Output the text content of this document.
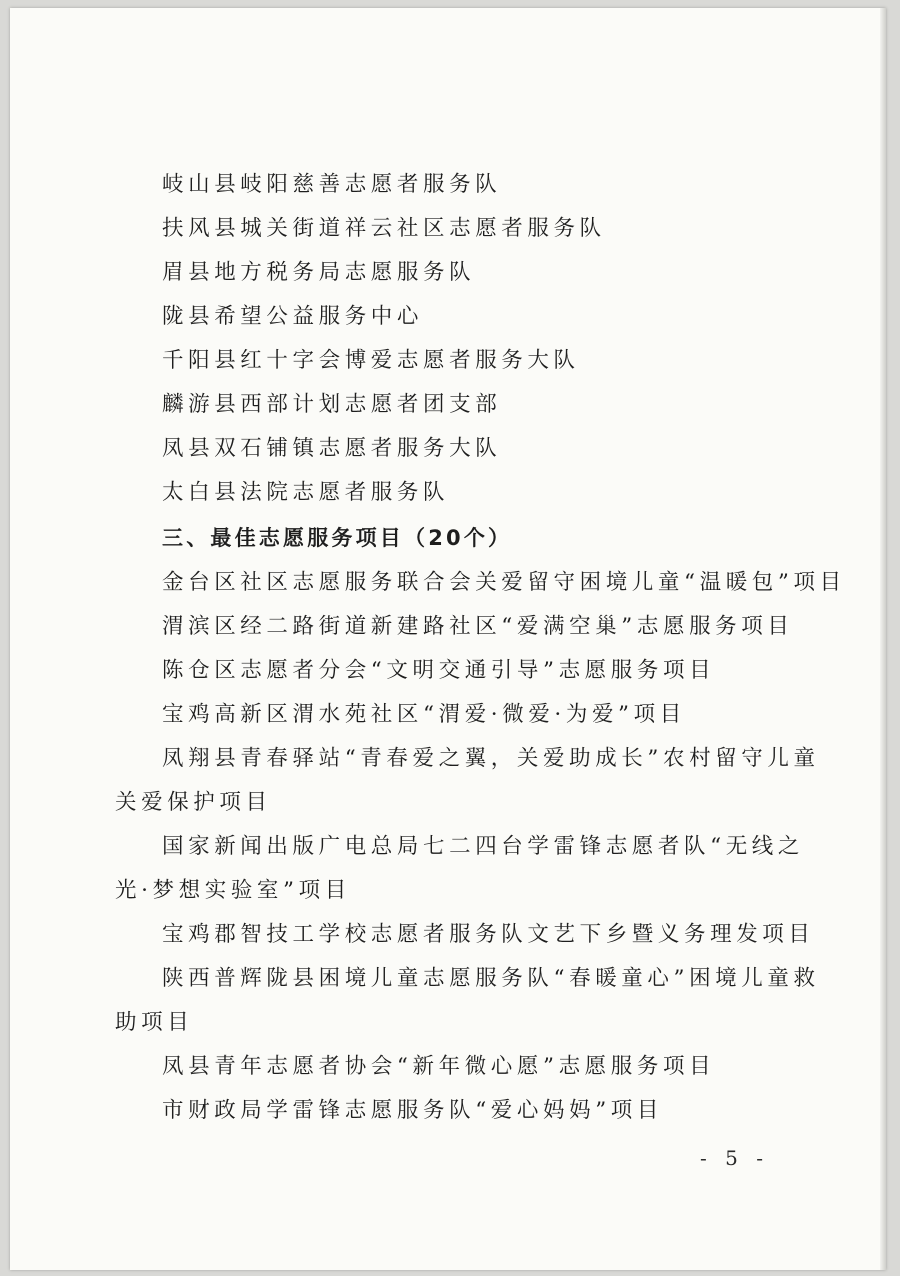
岐山县岐阳慈善志愿者服务队
扶风县城关街道祥云社区志愿者服务队
眉县地方税务局志愿服务队
陇县希望公益服务中心
千阳县红十字会博爱志愿者服务大队
麟游县西部计划志愿者团支部
凤县双石铺镇志愿者服务大队
太白县法院志愿者服务队
三、最佳志愿服务项目（20个）
金台区社区志愿服务联合会关爱留守困境儿童“温暖包”项目
渭滨区经二路街道新建路社区“爱满空巢”志愿服务项目
陈仓区志愿者分会“文明交通引导”志愿服务项目
宝鸡高新区渭水苑社区“渭爱·微爱·为爱”项目
凤翔县青春驿站“青春爱之翼，关爱助成长”农村留守儿童
关爱保护项目
国家新闻出版广电总局七二四台学雷锋志愿者队“无线之
光·梦想实验室”项目
宝鸡郡智技工学校志愿者服务队文艺下乡暨义务理发项目
陕西普辉陇县困境儿童志愿服务队“春暖童心”困境儿童救
助项目
凤县青年志愿者协会“新年微心愿”志愿服务项目
市财政局学雷锋志愿服务队“爱心妈妈”项目
- 5 -
